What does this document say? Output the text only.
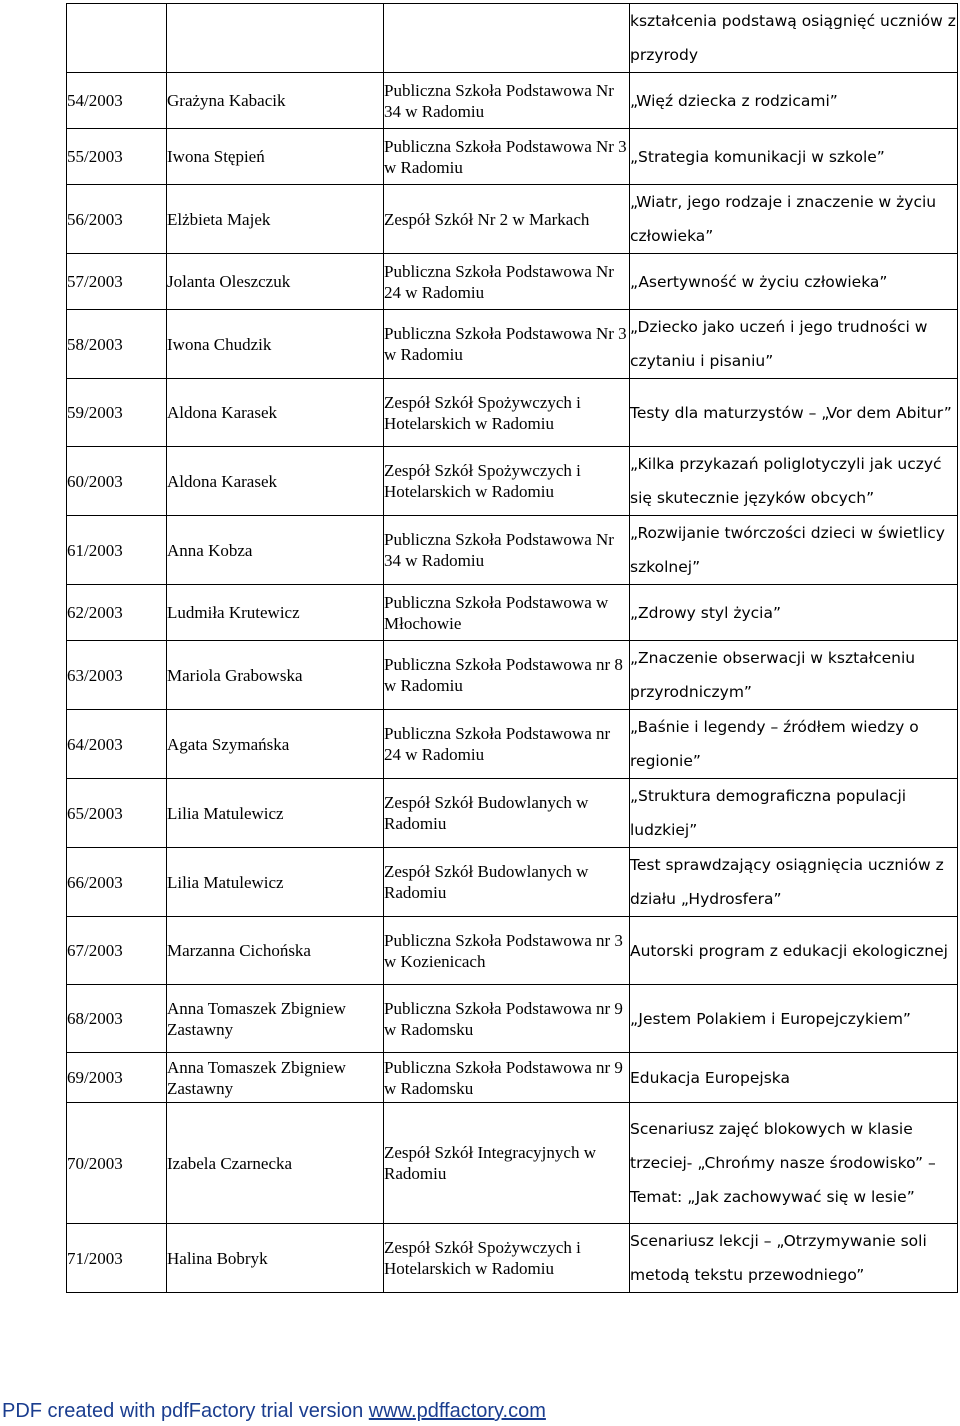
			kształcenia podstawą osiągnięć uczniów z przyrody
54/2003	Grażyna Kabacik	Publiczna Szkoła Podstawowa Nr 34 w Radomiu	„Więź dziecka z rodzicami”
55/2003	Iwona Stępień	Publiczna Szkoła Podstawowa Nr 3 w Radomiu	„Strategia komunikacji w szkole”
56/2003	Elżbieta Majek	Zespół Szkół Nr 2 w Markach	„Wiatr, jego rodzaje i znaczenie w życiu człowieka”
57/2003	Jolanta Oleszczuk	Publiczna Szkoła Podstawowa Nr 24 w Radomiu	„Asertywność w życiu człowieka”
58/2003	Iwona Chudzik	Publiczna Szkoła Podstawowa Nr 3 w Radomiu	„Dziecko jako uczeń i jego trudności w czytaniu i pisaniu”
59/2003	Aldona Karasek	Zespół Szkół Spożywczych i Hotelarskich w Radomiu	Testy dla maturzystów – „Vor dem Abitur”
60/2003	Aldona Karasek	Zespół Szkół Spożywczych i Hotelarskich w Radomiu	„Kilka przykazań poliglotyczyli jak uczyć się skutecznie języków obcych”
61/2003	Anna Kobza	Publiczna Szkoła Podstawowa Nr 34 w Radomiu	„Rozwijanie twórczości dzieci w świetlicy szkolnej”
62/2003	Ludmiła Krutewicz	Publiczna Szkoła Podstawowa w Młochowie	„Zdrowy styl życia”
63/2003	Mariola Grabowska	Publiczna Szkoła Podstawowa nr 8 w Radomiu	„Znaczenie obserwacji w kształceniu przyrodniczym”
64/2003	Agata Szymańska	Publiczna Szkoła Podstawowa nr 24 w Radomiu	„Baśnie i legendy – źródłem wiedzy o regionie”
65/2003	Lilia Matulewicz	Zespół Szkół Budowlanych w Radomiu	„Struktura demograficzna populacji ludzkiej”
66/2003	Lilia Matulewicz	Zespół Szkół Budowlanych w Radomiu	Test sprawdzający osiągnięcia uczniów z działu „Hydrosfera”
67/2003	Marzanna Cichońska	Publiczna Szkoła Podstawowa nr 3 w Kozienicach	Autorski program z edukacji ekologicznej
68/2003	Anna Tomaszek Zbigniew Zastawny	Publiczna Szkoła Podstawowa nr 9 w Radomsku	„Jestem Polakiem i Europejczykiem”
69/2003	Anna Tomaszek Zbigniew Zastawny	Publiczna Szkoła Podstawowa nr 9 w Radomsku	Edukacja Europejska
70/2003	Izabela Czarnecka	Zespół Szkół Integracyjnych w Radomiu	Scenariusz zajęć blokowych w klasie trzeciej- „Chrońmy nasze środowisko” – Temat: „Jak zachowywać się w lesie”
71/2003	Halina Bobryk	Zespół Szkół Spożywczych i Hotelarskich w Radomiu	Scenariusz lekcji – „Otrzymywanie soli metodą tekstu przewodniego”
PDF created with pdfFactory trial version www.pdffactory.com
